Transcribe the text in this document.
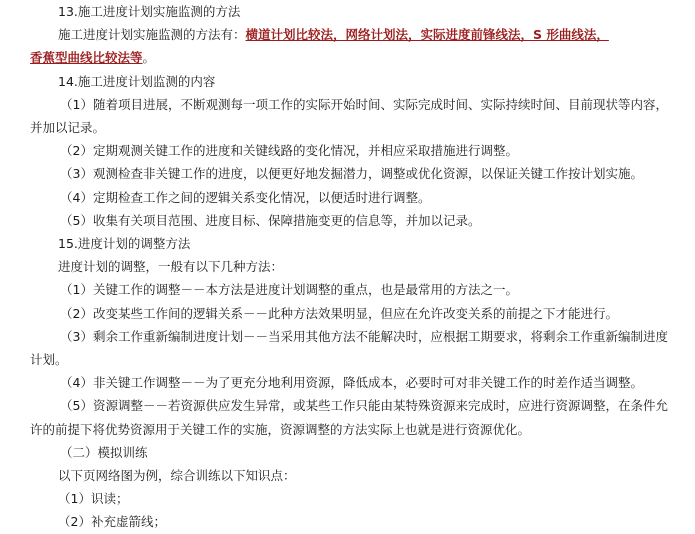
13.施工进度计划实施监测的方法

施工进度计划实施监测的方法有：横道计划比较法，网络计划法，实际进度前锋线法，S 形曲线法，

香蕉型曲线比较法等。

14.施工进度计划监测的内容

（1）随着项目进展，不断观测每一项工作的实际开始时间、实际完成时间、实际持续时间、目前现状等内容，并加以记录。

（2）定期观测关键工作的进度和关键线路的变化情况，并相应采取措施进行调整。

（3）观测检查非关键工作的进度，以便更好地发掘潜力，调整或优化资源，以保证关键工作按计划实施。

（4）定期检查工作之间的逻辑关系变化情况，以便适时进行调整。

（5）收集有关项目范围、进度目标、保障措施变更的信息等，并加以记录。

15.进度计划的调整方法

进度计划的调整，一般有以下几种方法：

（1）关键工作的调整－－本方法是进度计划调整的重点，也是最常用的方法之一。

（2）改变某些工作间的逻辑关系－－此种方法效果明显，但应在允许改变关系的前提之下才能进行。

（3）剩余工作重新编制进度计划－－当采用其他方法不能解决时，应根据工期要求，将剩余工作重新编制进度计划。

（4）非关键工作调整－－为了更充分地利用资源，降低成本，必要时可对非关键工作的时差作适当调整。

（5）资源调整－－若资源供应发生异常，或某些工作只能由某特殊资源来完成时，应进行资源调整，在条件允许的前提下将优势资源用于关键工作的实施，资源调整的方法实际上也就是进行资源优化。

（二）模拟训练

以下页网络图为例，综合训练以下知识点：

（1）识读；

（2）补充虚箭线；
